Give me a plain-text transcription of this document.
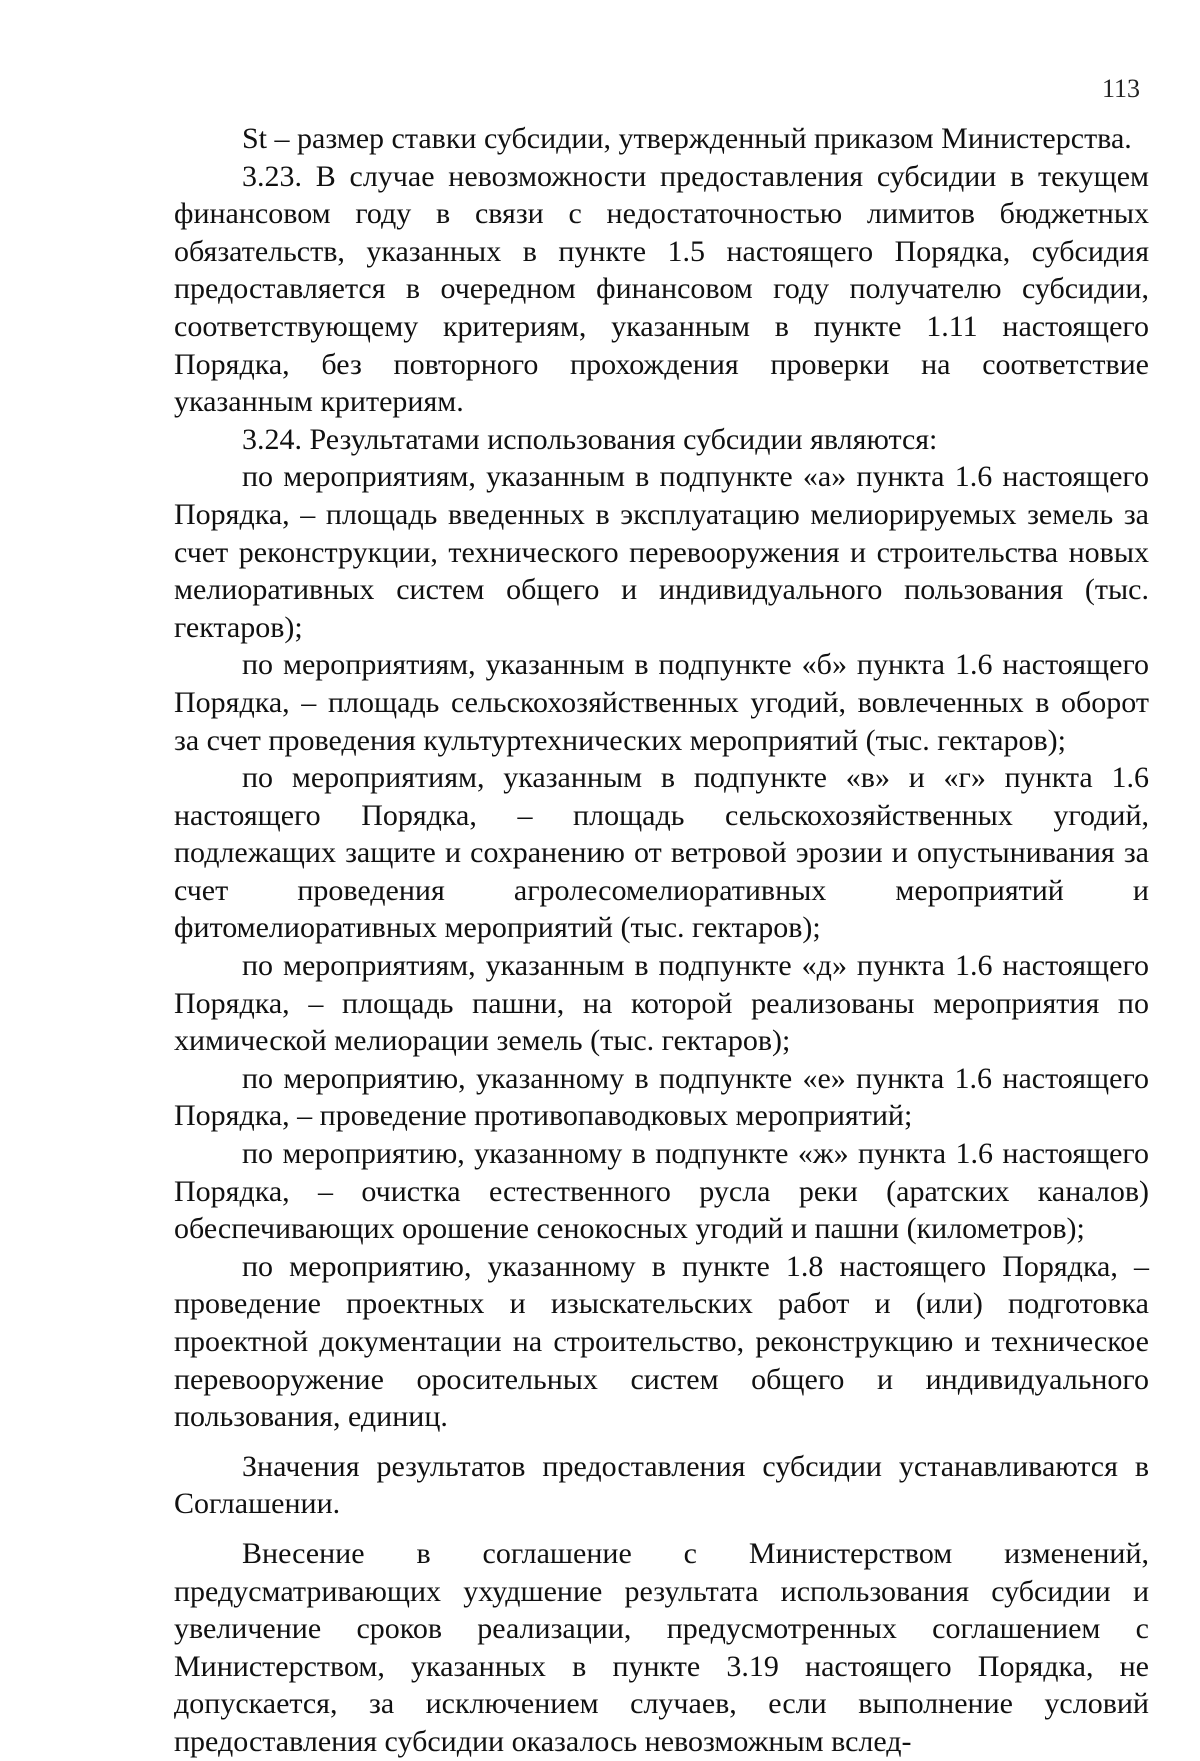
113

St – размер ставки субсидии, утвержденный приказом Министерства.

3.23. В случае невозможности предоставления субсидии в текущем финансовом году в связи с недостаточностью лимитов бюджетных обязательств, указанных в пункте 1.5 настоящего Порядка, субсидия предоставляется в очередном финансовом году получателю субсидии, соответствующему критериям, указанным в пункте 1.11 настоящего Порядка, без повторного прохождения проверки на соответствие указанным критериям.

3.24. Результатами использования субсидии являются:

по мероприятиям, указанным в подпункте «а» пункта 1.6 настоящего Порядка, – площадь введенных в эксплуатацию мелиорируемых земель за счет реконструкции, технического перевооружения и строительства новых мелиоративных систем общего и индивидуального пользования (тыс. гектаров);

по мероприятиям, указанным в подпункте «б» пункта 1.6 настоящего Порядка, – площадь сельскохозяйственных угодий, вовлеченных в оборот за счет проведения культуртехнических мероприятий (тыс. гектаров);

по мероприятиям, указанным в подпункте «в» и «г» пункта 1.6 настоящего Порядка, – площадь сельскохозяйственных угодий, подлежащих защите и сохранению от ветровой эрозии и опустынивания за счет проведения агролесомелиоративных мероприятий и фитомелиоративных мероприятий (тыс. гектаров);

по мероприятиям, указанным в подпункте «д» пункта 1.6 настоящего Порядка, – площадь пашни, на которой реализованы мероприятия по химической мелиорации земель (тыс. гектаров);

по мероприятию, указанному в подпункте «е» пункта 1.6 настоящего Порядка, – проведение противопаводковых мероприятий;

по мероприятию, указанному в подпункте «ж» пункта 1.6 настоящего Порядка, – очистка естественного русла реки (аратских каналов) обеспечивающих орошение сенокосных угодий и пашни (километров);

по мероприятию, указанному в пункте 1.8 настоящего Порядка, – проведение проектных и изыскательских работ и (или) подготовка проектной документации на строительство, реконструкцию и техническое перевооружение оросительных систем общего и индивидуального пользования, единиц.

Значения результатов предоставления субсидии устанавливаются в Соглашении.

Внесение в соглашение с Министерством изменений, предусматривающих ухудшение результата использования субсидии и увеличение сроков реализации, предусмотренных соглашением с Министерством, указанных в пункте 3.19 настоящего Порядка, не допускается, за исключением случаев, если выполнение условий предоставления субсидии оказалось невозможным вслед-
